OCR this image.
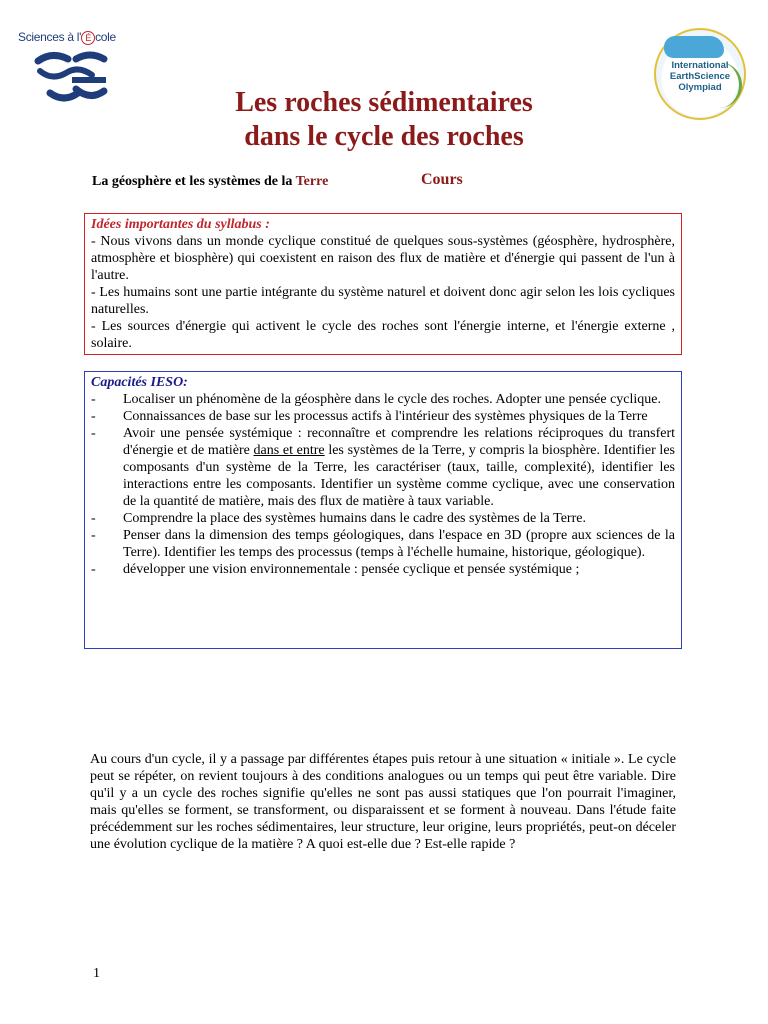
Sciences à l' É cole
International
EarthScience
Olympiad
Les roches sédimentaires
dans le cycle des roches
La géosphère et les systèmes de la Terre	Cours
Idées importantes du syllabus :

- Nous vivons dans un monde cyclique constitué de quelques sous-systèmes (géosphère, hydrosphère, atmosphère et biosphère) qui coexistent en raison des flux de matière et d'énergie qui passent de l'un à l'autre.

- Les humains sont une partie intégrante du système naturel et doivent donc agir selon les lois cycliques naturelles.

- Les sources d'énergie qui activent le cycle des roches sont l'énergie interne, et l'énergie externe , solaire.

Capacités IESO:
-	Localiser un phénomène de la géosphère dans le cycle des roches. Adopter une pensée cyclique.
-	Connaissances de base sur les processus actifs à l'intérieur des systèmes physiques de la Terre
-	Avoir une pensée systémique : reconnaître et comprendre les relations réciproques du transfert d'énergie et de matière dans et entre les systèmes de la Terre, y compris la biosphère. Identifier les composants d'un système de la Terre, les caractériser (taux, taille, complexité), identifier les interactions entre les composants. Identifier un système comme cyclique, avec une conservation de la quantité de matière, mais des flux de matière à taux variable.
-	Comprendre la place des systèmes humains dans le cadre des systèmes de la Terre.
-	Penser dans la dimension des temps géologiques, dans l'espace en 3D (propre aux sciences de la Terre). Identifier les temps des processus (temps à l'échelle humaine, historique, géologique).
-	développer une vision environnementale : pensée cyclique et pensée systémique ;
Au cours d'un cycle, il y a passage par différentes étapes puis retour à une situation « initiale ». Le cycle peut se répéter, on revient toujours à des conditions analogues ou un temps qui peut être variable. Dire qu'il y a un cycle des roches signifie qu'elles ne sont pas aussi statiques que l'on pourrait l'imaginer, mais qu'elles se forment, se transforment, ou disparaissent et se forment à nouveau. Dans l'étude faite précédemment sur les roches sédimentaires, leur structure, leur origine, leurs propriétés, peut-on déceler une évolution cyclique de la matière ? A quoi est-elle due ? Est-elle rapide ?
1
